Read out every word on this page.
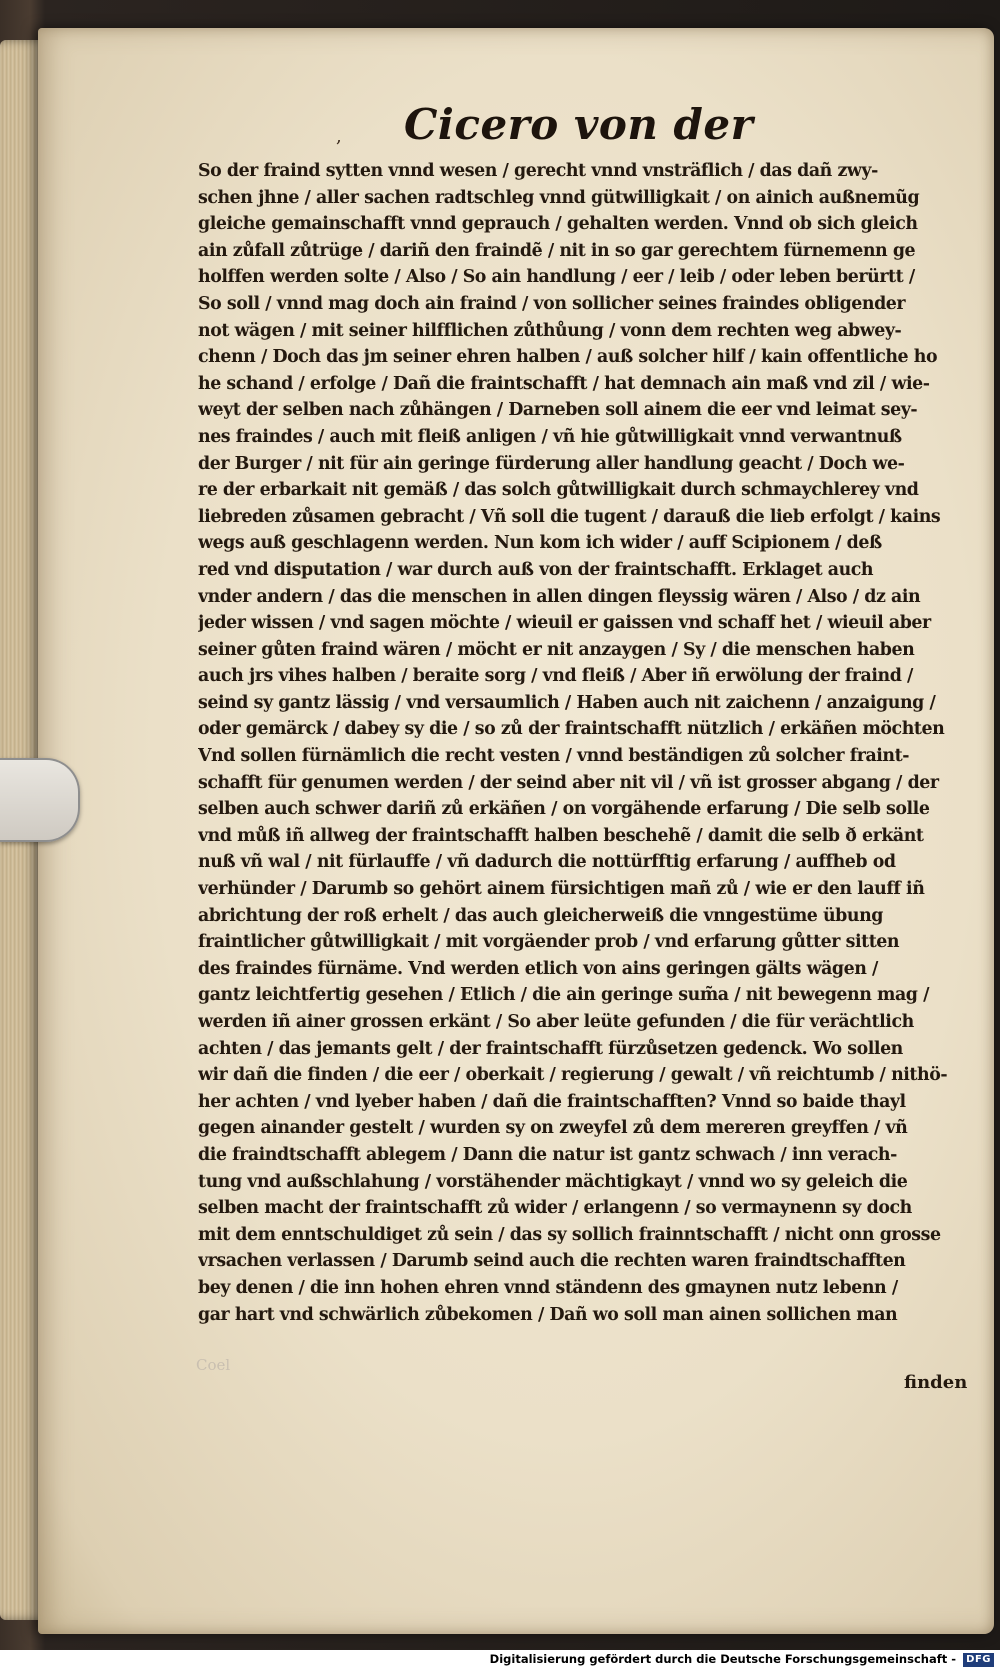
, Cicero von der
So der fraind sytten vnnd wesen / gerecht vnnd vnsträflich / das dañ zwy-
schen jhne / aller sachen radtschleg vnnd gütwilligkait / on ainich außnemũg
gleiche gemainschafft vnnd geprauch / gehalten werden. Vnnd ob sich gleich
ain zůfall zůtrüge / dariñ den fraindẽ / nit in so gar gerechtem fürnemenn ge
holffen werden solte / Also / So ain handlung / eer / leib / oder leben berürtt /
So soll / vnnd mag doch ain fraind / von sollicher seines fraindes obligender
not wägen / mit seiner hilfflichen zůthůung / vonn dem rechten weg abwey-
chenn / Doch das jm seiner ehren halben / auß solcher hilf / kain offentliche ho
he schand / erfolge / Dañ die fraintschafft / hat demnach ain maß vnd zil / wie-
weyt der selben nach zůhängen / Darneben soll ainem die eer vnd leimat sey-
nes fraindes / auch mit fleiß anligen / vñ hie gůtwilligkait vnnd verwantnuß
der Burger / nit für ain geringe fürderung aller handlung geacht / Doch we-
re der erbarkait nit gemäß / das solch gůtwilligkait durch schmaychlerey vnd
liebreden zůsamen gebracht / Vñ soll die tugent / darauß die lieb erfolgt / kains
wegs auß geschlagenn werden. Nun kom ich wider / auff Scipionem / deß
red vnd disputation / war durch auß von der fraintschafft. Erklaget auch
vnder andern / das die menschen in allen dingen fleyssig wären / Also / dz ain
jeder wissen / vnd sagen möchte / wieuil er gaissen vnd schaff het / wieuil aber
seiner gůten fraind wären / möcht er nit anzaygen / Sy / die menschen haben
auch jrs vihes halben / beraite sorg / vnd fleiß / Aber iñ erwölung der fraind /
seind sy gantz lässig / vnd versaumlich / Haben auch nit zaichenn / anzaigung /
oder gemärck / dabey sy die / so zů der fraintschafft nützlich / erkäñen möchten
Vnd sollen fürnämlich die recht vesten / vnnd beständigen zů solcher fraint-
schafft für genumen werden / der seind aber nit vil / vñ ist grosser abgang / der
selben auch schwer dariñ zů erkäñen / on vorgähende erfarung / Die selb solle
vnd můß iñ allweg der fraintschafft halben beschehẽ / damit die selb ð erkänt
nuß vñ wal / nit fürlauffe / vñ dadurch die nottürfftig erfarung / auffheb od
verhünder / Darumb so gehört ainem fürsichtigen mañ zů / wie er den lauff iñ
abrichtung der roß erhelt / das auch gleicherweiß die vnngestüme übung
fraintlicher gůtwilligkait / mit vorgäender prob / vnd erfarung gůtter sitten
des fraindes fürnäme. Vnd werden etlich von ains geringen gälts wägen /
gantz leichtfertig gesehen / Etlich / die ain geringe sum̃a / nit bewegenn mag /
werden iñ ainer grossen erkänt / So aber leüte gefunden / die für verächtlich
achten / das jemants gelt / der fraintschafft fürzůsetzen gedenck. Wo sollen
wir dañ die finden / die eer / oberkait / regierung / gewalt / vñ reichtumb / nithö-
her achten / vnd lyeber haben / dañ die fraintschafften? Vnnd so baide thayl
gegen ainander gestelt / wurden sy on zweyfel zů dem mereren greyffen / vñ
die fraindtschafft ablegem / Dann die natur ist gantz schwach / inn verach-
tung vnd außschlahung / vorstähender mächtigkayt / vnnd wo sy geleich die
selben macht der fraintschafft zů wider / erlangenn / so vermaynenn sy doch
mit dem enntschuldiget zů sein / das sy sollich frainntschafft / nicht onn grosse
vrsachen verlassen / Darumb seind auch die rechten waren fraindtschafften
bey denen / die inn hohen ehren vnnd ständenn des gmaynen nutz lebenn /
gar hart vnd schwärlich zůbekomen / Dañ wo soll man ainen sollichen man
Coel
finden
Digitalisierung gefördert durch die Deutsche Forschungsgemeinschaft -	DFG
